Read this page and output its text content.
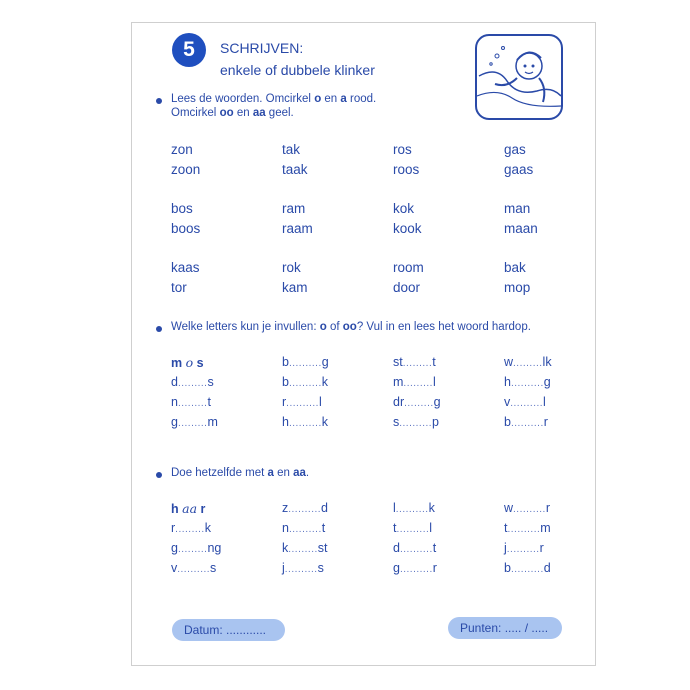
5	SCHRIJVEN:
enkele of dubbele klinker
Lees de woorden. Omcirkel o en a rood.
Omcirkel oo en aa geel.
zon	tak	ros	gas
zoon	taak	roos	gaas
bos	ram	kok	man
boos	raam	kook	maan
kaas	rok	room	bak
tor	kam	door	mop
Welke letters kun je invullen: o of oo? Vul in en lees het woord hardop.
m o s	b..........g	st.........t	w.........lk
d.........s	b..........k	m.........l	h..........g
n.........t	r..........l	dr.........g	v..........l
g.........m	h..........k	s..........p	b..........r
Doe hetzelfde met a en aa.
h aa r	z..........d	l..........k	w..........r
r.........k	n..........t	t..........l	t..........m
g.........ng	k.........st	d..........t	j..........r
v..........s	j..........s	g..........r	b..........d
Datum: ............	Punten: ..... / .....
